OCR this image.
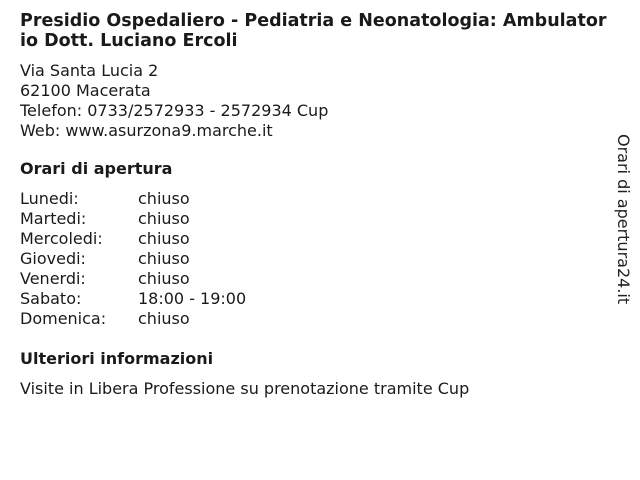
Presidio Ospedaliero - Pediatria e Neonatologia: Ambulatorio Dott. Luciano Ercoli
Via Santa Lucia 2
62100 Macerata
Telefon: 0733/2572933 - 2572934 Cup
Web: www.asurzona9.marche.it
Orari di apertura
Lunedi:	chiuso
Martedi:	chiuso
Mercoledi:	chiuso
Giovedi:	chiuso
Venerdi:	chiuso
Sabato:	18:00 - 19:00
Domenica:	chiuso
Ulteriori informazioni
Visite in Libera Professione su prenotazione tramite Cup
Orari di apertura24.it
